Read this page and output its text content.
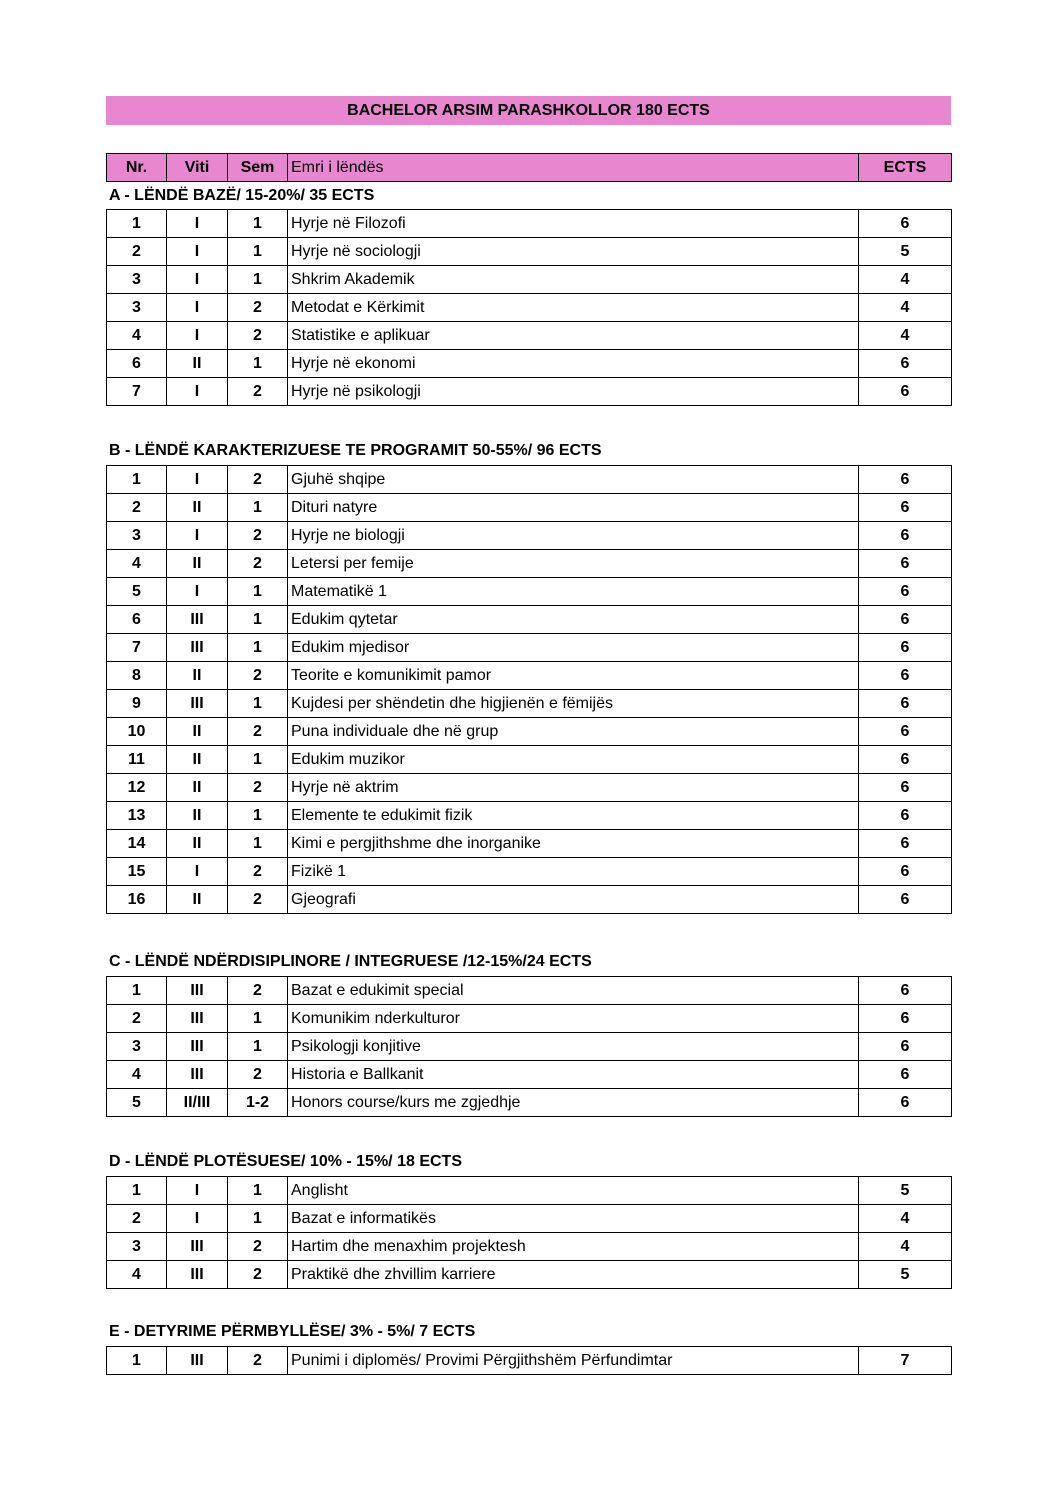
BACHELOR ARSIM PARASHKOLLOR 180 ECTS
Nr.	Viti	Sem	Emri i lëndës	ECTS
A - LËNDË BAZË/ 15-20%/ 35 ECTS
1	I	1	Hyrje në Filozofi	6
2	I	1	Hyrje në sociologji	5
3	I	1	Shkrim Akademik	4
3	I	2	Metodat e Kërkimit	4
4	I	2	Statistike e aplikuar	4
6	II	1	Hyrje në ekonomi	6
7	I	2	Hyrje në psikologji	6
B - LËNDË KARAKTERIZUESE TE PROGRAMIT 50-55%/ 96 ECTS
1	I	2	Gjuhë shqipe	6
2	II	1	Dituri natyre	6
3	I	2	Hyrje ne biologji	6
4	II	2	Letersi per femije	6
5	I	1	Matematikë 1	6
6	III	1	Edukim qytetar	6
7	III	1	Edukim mjedisor	6
8	II	2	Teorite e komunikimit pamor	6
9	III	1	Kujdesi per shëndetin dhe higjienën e fëmijës	6
10	II	2	Puna individuale dhe në grup	6
11	II	1	Edukim muzikor	6
12	II	2	Hyrje në aktrim	6
13	II	1	Elemente te edukimit fizik	6
14	II	1	Kimi e pergjithshme dhe inorganike	6
15	I	2	Fizikë 1	6
16	II	2	Gjeografi	6
C - LËNDË NDËRDISIPLINORE / INTEGRUESE /12-15%/24 ECTS
1	III	2	Bazat e edukimit special	6
2	III	1	Komunikim nderkulturor	6
3	III	1	Psikologji konjitive	6
4	III	2	Historia e Ballkanit	6
5	II/III	1-2	Honors course/kurs me zgjedhje	6
D - LËNDË PLOTËSUESE/ 10% - 15%/ 18 ECTS
1	I	1	Anglisht	5
2	I	1	Bazat e informatikës	4
3	III	2	Hartim dhe menaxhim projektesh	4
4	III	2	Praktikë dhe zhvillim karriere	5
E - DETYRIME PËRMBYLLËSE/ 3% - 5%/ 7 ECTS
1	III	2	Punimi i diplomës/ Provimi Përgjithshëm Përfundimtar	7
